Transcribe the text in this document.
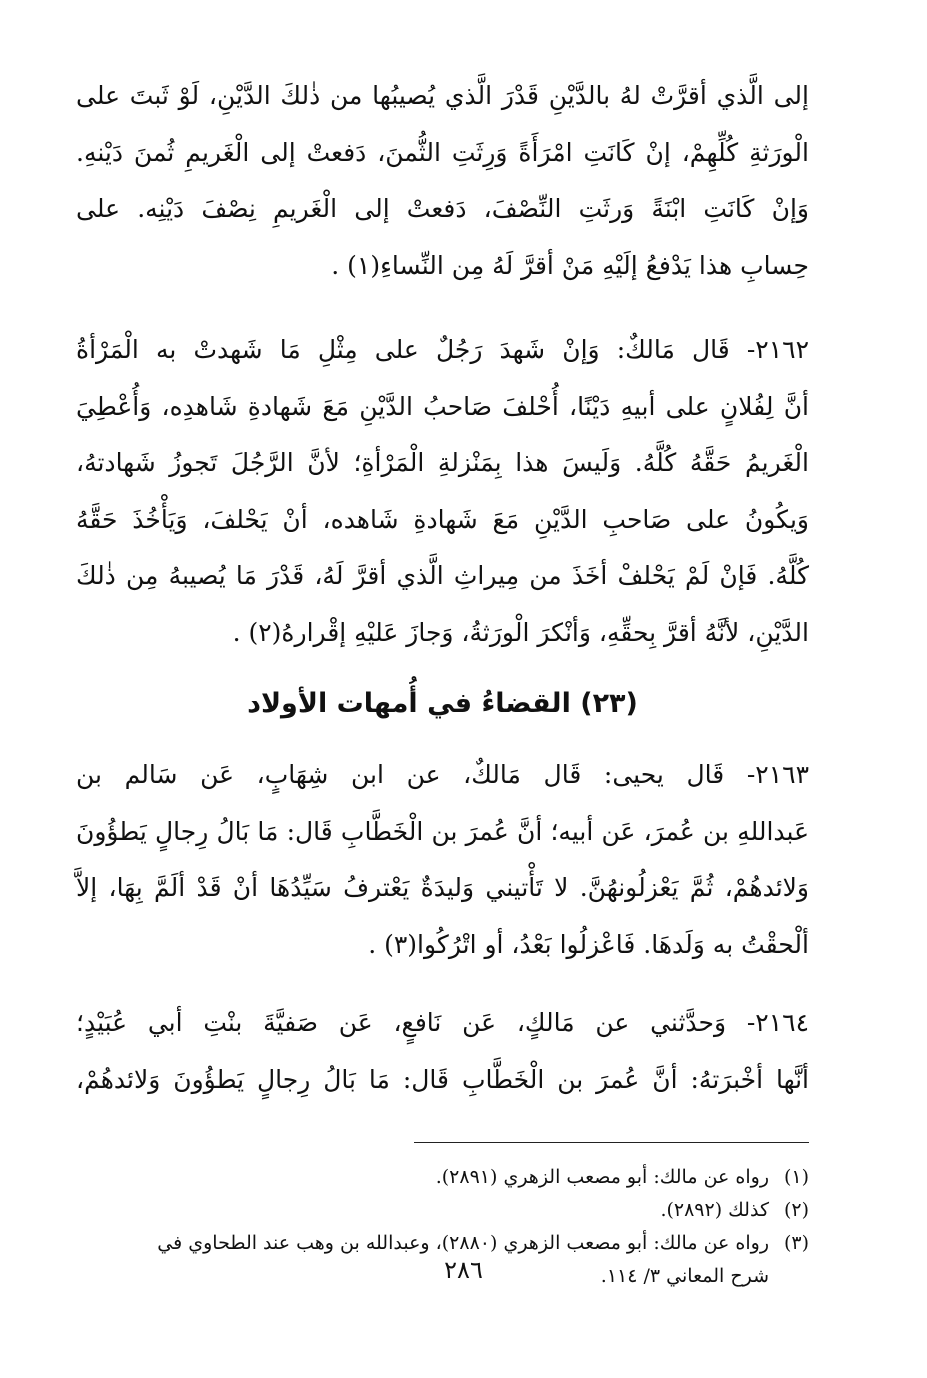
إلى الَّذي أقرَّتْ لهُ بالدَّيْنِ قَدْرَ الَّذي يُصيبُها من ذٰلكَ الدَّيْنِ، لَوْ ثَبتَ على
الْورَثةِ كُلِّهِمْ، إنْ كَانَتِ امْرَأَةً وَرِثَتِ الثُّمنَ، دَفعتْ إلى الْغَريمِ ثُمنَ دَيْنهِ.
وَإنْ كَانَتِ ابْنَةً وَرثَتِ النِّصْفَ، دَفعتْ إلى الْغَريمِ نِصْفَ دَيْنِه. على
حِسابِ هذا يَدْفعُ إلَيْهِ مَنْ أقرَّ لَهُ مِن النِّساءِ(١) .
٢١٦٢- قَال مَالكٌ: وَإنْ شَهدَ رَجُلٌ على مِثْلِ مَا شَهدتْ به الْمَرْأةُ
أنَّ لِفُلانٍ على أبيهِ دَيْنًا، أُحْلفَ صَاحبُ الدَّيْنِ مَعَ شَهادةِ شَاهدِه، وَأُعْطِيَ
الْغَريمُ حَقَّهُ كُلَّهُ. وَلَيسَ هذا بِمَنْزلةِ الْمَرْأةِ؛ لأنَّ الرَّجُلَ تَجوزُ شَهادتهُ،
وَيكُونُ على صَاحبِ الدَّيْنِ مَعَ شَهادةِ شَاهده، أنْ يَحْلفَ، وَيَأْخُذَ حَقَّهُ
كُلَّهُ. فَإنْ لَمْ يَحْلفْ أخَذَ من مِيراثِ الَّذي أقرَّ لَهُ، قَدْرَ مَا يُصيبهُ مِن ذٰلكَ
الدَّيْنِ، لأنَّهُ أقرَّ بِحقِّهِ، وَأنْكرَ الْورَثةُ، وَجازَ عَليْهِ إقْرارهُ(٢) .
(٢٣) القضاءُ في أُمهات الأولاد
٢١٦٣- قَال يحيى: قَال مَالكٌ، عن ابن شِهَابٍ، عَن سَالم بن
عَبداللهِ بن عُمرَ، عَن أبيه؛ أنَّ عُمرَ بن الْخَطَّابِ قَال: مَا بَالُ رِجالٍ يَطؤُونَ
وَلائدهُمْ، ثُمَّ يَعْزلُونهُنَّ. لا تَأْتيني وَليدَةٌ يَعْترفُ سَيِّدُهَا أنْ قَدْ ألَمَّ بِهَا، إلاَّ
ألْحقْتُ به وَلَدهَا. فَاعْزلُوا بَعْدُ، أو اتْرُكُوا(٣) .
٢١٦٤- وَحدَّثني عن مَالكٍ، عَن نَافعٍ، عَن صَفيَّةَ بنْتِ أبي عُبَيْدٍ؛
أنَّها أخْبرَتهُ: أنَّ عُمرَ بن الْخَطَّابِ قَال: مَا بَالُ رِجالٍ يَطؤُونَ وَلائدهُمْ،
(١)رواه عن مالك: أبو مصعب الزهري (٢٨٩١).
(٢)كذلك (٢٨٩٢).
(٣)رواه عن مالك: أبو مصعب الزهري (٢٨٨٠)، وعبدالله بن وهب عند الطحاوي في
شرح المعاني ٣/ ١١٤.
٢٨٦
